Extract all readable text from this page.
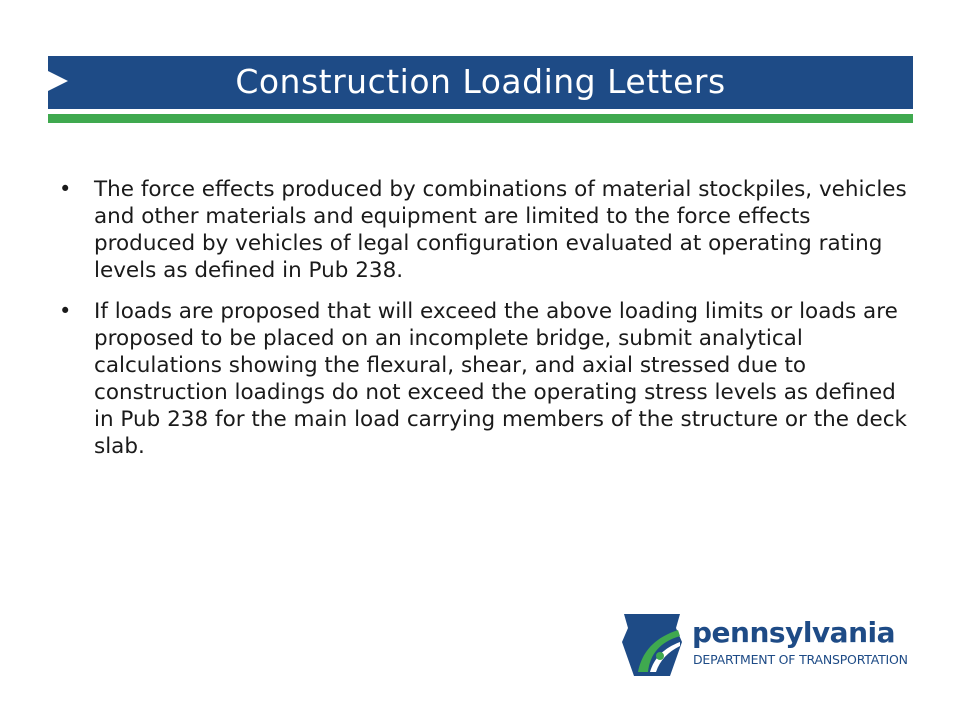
Construction Loading Letters
• The force effects produced by combinations of material stockpiles, vehicles and other materials and equipment are limited to the force effects produced by vehicles of legal configuration evaluated at operating rating levels as defined in Pub 238.
• If loads are proposed that will exceed the above loading limits or loads are proposed to be placed on an incomplete bridge, submit analytical calculations showing the flexural, shear, and axial stressed due to construction loadings do not exceed the operating stress levels as defined in Pub 238 for the main load carrying members of the structure or the deck slab.
pennsylvania
DEPARTMENT OF TRANSPORTATION
